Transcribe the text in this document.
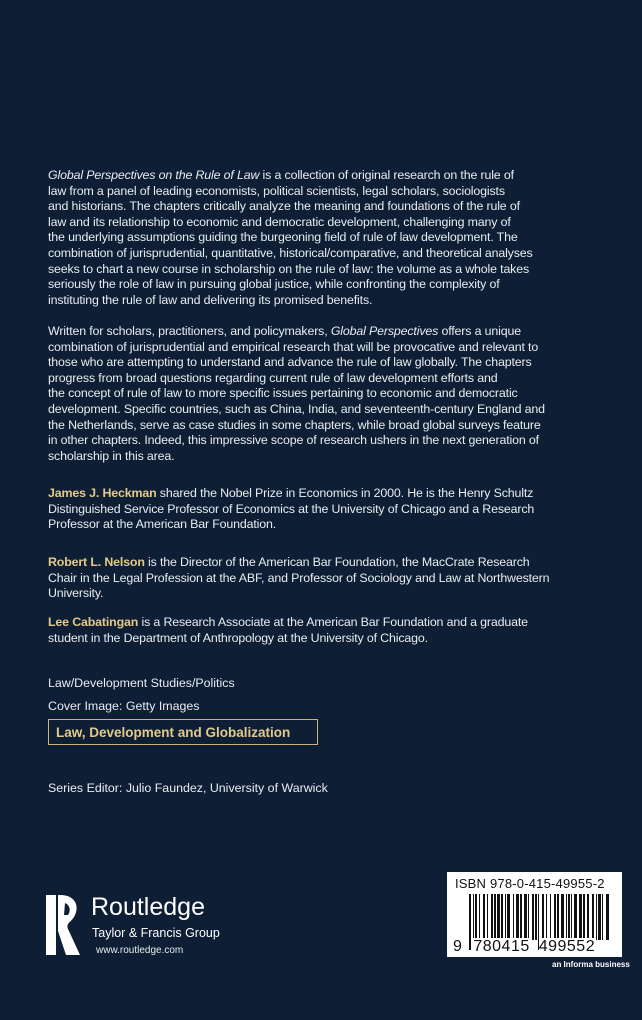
Global Perspectives on the Rule of Law is a collection of original research on the rule of
law from a panel of leading economists, political scientists, legal scholars, sociologists
and historians. The chapters critically analyze the meaning and foundations of the rule of
law and its relationship to economic and democratic development, challenging many of
the underlying assumptions guiding the burgeoning field of rule of law development. The
combination of jurisprudential, quantitative, historical/comparative, and theoretical analyses
seeks to chart a new course in scholarship on the rule of law: the volume as a whole takes
seriously the role of law in pursuing global justice, while confronting the complexity of
instituting the rule of law and delivering its promised benefits.
Written for scholars, practitioners, and policymakers, Global Perspectives offers a unique
combination of jurisprudential and empirical research that will be provocative and relevant to
those who are attempting to understand and advance the rule of law globally. The chapters
progress from broad questions regarding current rule of law development efforts and
the concept of rule of law to more specific issues pertaining to economic and democratic
development. Specific countries, such as China, India, and seventeenth-century England and
the Netherlands, serve as case studies in some chapters, while broad global surveys feature
in other chapters. Indeed, this impressive scope of research ushers in the next generation of
scholarship in this area.
James J. Heckman shared the Nobel Prize in Economics in 2000. He is the Henry Schultz
Distinguished Service Professor of Economics at the University of Chicago and a Research
Professor at the American Bar Foundation.
Robert L. Nelson is the Director of the American Bar Foundation, the MacCrate Research
Chair in the Legal Profession at the ABF, and Professor of Sociology and Law at Northwestern
University.
Lee Cabatingan is a Research Associate at the American Bar Foundation and a graduate
student in the Department of Anthropology at the University of Chicago.
Law/Development Studies/Politics
Cover Image: Getty Images
Law, Development and Globalization
Series Editor: Julio Faundez, University of Warwick
Routledge
Taylor & Francis Group
www.routledge.com
ISBN 978-0-415-49955-2
9 780415 499552
an Informa business
